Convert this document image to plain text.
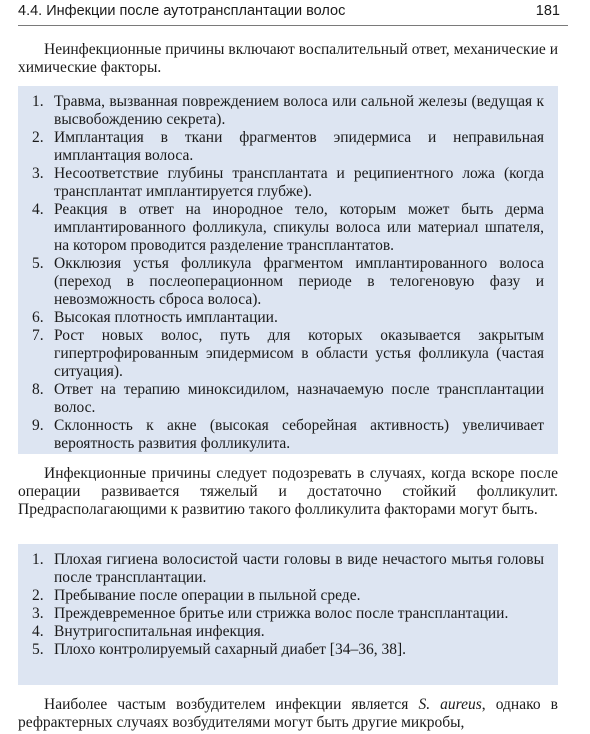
4.4. Инфекции после аутотрансплантации волос	181

Неинфекционные причины включают воспалительный ответ, механические и химические факторы.

1. Травма, вызванная повреждением волоса или сальной железы (ведущая к высвобождению секрета).
2. Имплантация в ткани фрагментов эпидермиса и неправильная имплантация волоса.
3. Несоответствие глубины трансплантата и реципиентного ложа (когда трансплантат имплантируется глубже).
4. Реакция в ответ на инородное тело, которым может быть дерма имплантированного фолликула, спикулы волоса или материал шпателя, на котором проводится разделение трансплантатов.
5. Окклюзия устья фолликула фрагментом имплантированного волоса (переход в послеоперационном периоде в телогеновую фазу и невозможность сброса волоса).
6. Высокая плотность имплантации.
7. Рост новых волос, путь для которых оказывается закрытым гипертрофированным эпидермисом в области устья фолликула (частая ситуация).
8. Ответ на терапию миноксидилом, назначаемую после трансплантации волос.
9. Склонность к акне (высокая себорейная активность) увеличивает вероятность развития фолликулита.

Инфекционные причины следует подозревать в случаях, когда вскоре после операции развивается тяжелый и достаточно стойкий фолликулит. Предрасполагающими к развитию такого фолликулита факторами могут быть.

1. Плохая гигиена волосистой части головы в виде нечастого мытья головы после трансплантации.
2. Пребывание после операции в пыльной среде.
3. Преждевременное бритье или стрижка волос после трансплантации.
4. Внутригоспитальная инфекция.
5. Плохо контролируемый сахарный диабет [34–36, 38].

Наиболее частым возбудителем инфекции является S. aureus, однако в рефрактерных случаях возбудителями могут быть другие микробы,
